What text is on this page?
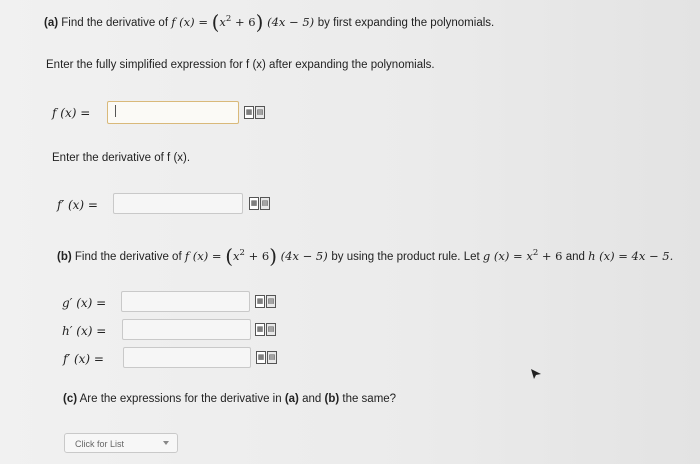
(a) Find the derivative of f $(x) = (x^2 + 6) (4x - 5)$ by first expanding the polynomials.
Enter the fully simplified expression for f (x) after expanding the polynomials.
f (x) =	▦ ▤
Enter the derivative of f (x).
f′ (x) =	▦ ▤
(b) Find the derivative of f $(x) = (x^2 + 6) (4x - 5)$ by using the product rule. Let g $(x) = x^2 + 6$ and h (x) = 4x − 5.
g′ (x) =	▦ ▤
h′ (x) =	▦ ▤
f′ (x) =	▦ ▤
(c) Are the expressions for the derivative in (a) and (b) the same?
Click for List
